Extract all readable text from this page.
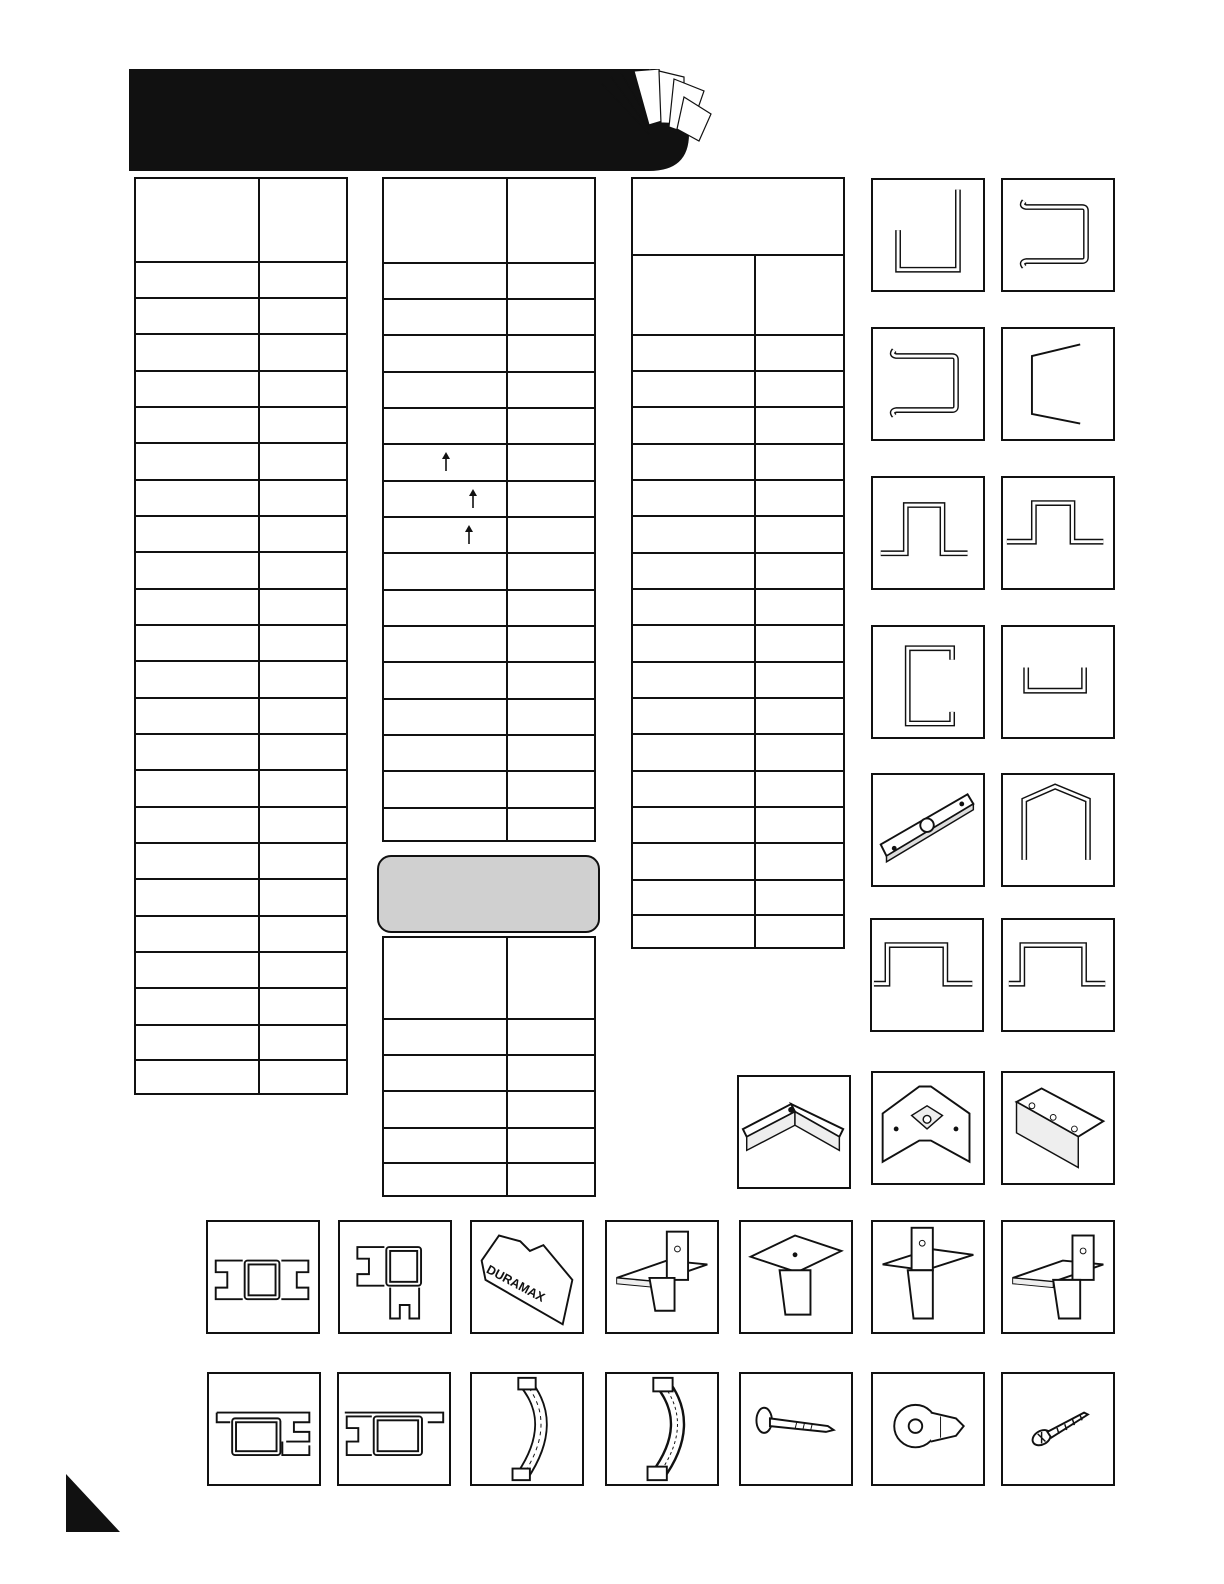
DURAMAX
